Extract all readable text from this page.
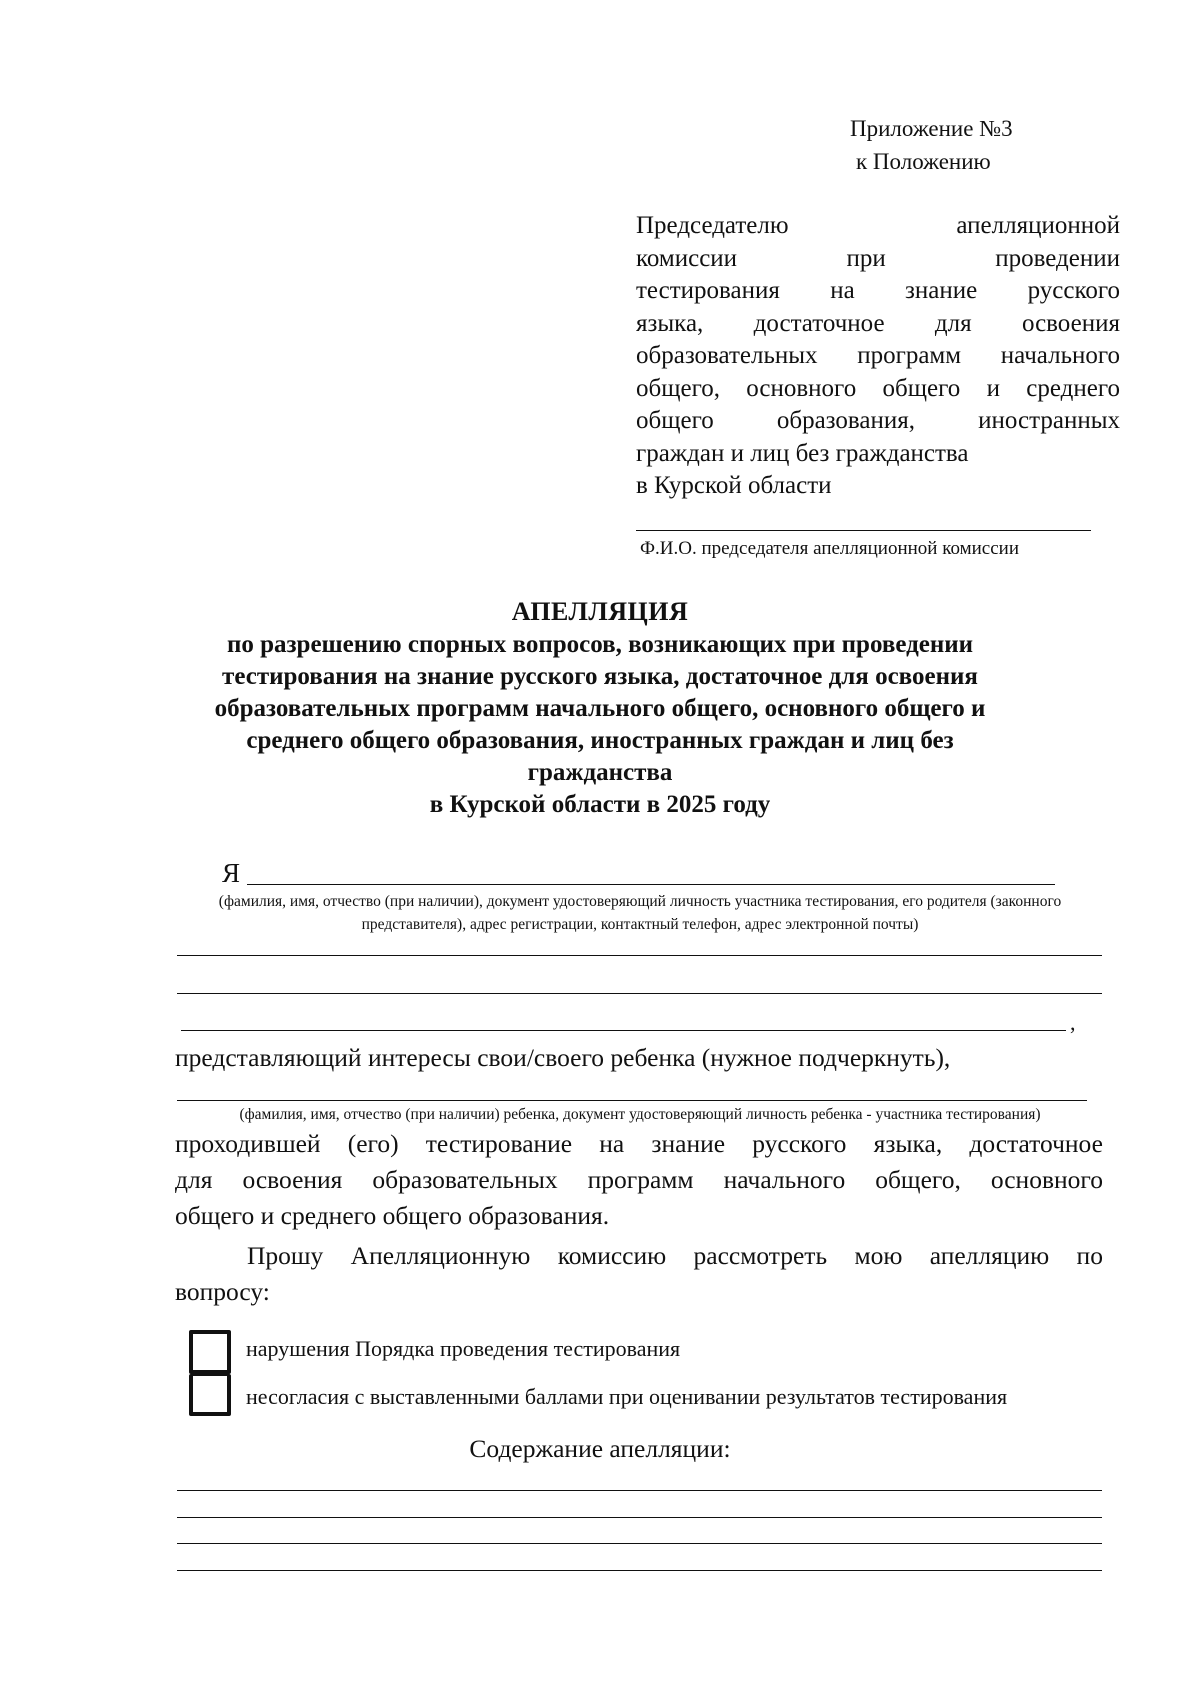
Приложение №3
к Положению
Председателю	апелляционной
комиссии	при	проведении
тестирования на знание русского
языка, достаточное для освоения
образовательных программ начального
общего, основного общего и среднего
общего	образования,	иностранных
граждан и лиц без гражданства
в Курской области
Ф.И.О. председателя апелляционной комиссии
АПЕЛЛЯЦИЯ
по разрешению спорных вопросов, возникающих при проведении
тестирования на знание русского языка, достаточное для освоения
образовательных программ начального общего, основного общего и
среднего общего образования, иностранных граждан и лиц без
гражданства
в Курской области в 2025 году
Я
(фамилия, имя, отчество (при наличии), документ удостоверяющий личность участника тестирования, его родителя (законного
представителя), адрес регистрации, контактный телефон, адрес электронной почты)
,
представляющий интересы свои/своего ребенка (нужное подчеркнуть),
(фамилия, имя, отчество (при наличии) ребенка, документ удостоверяющий личность ребенка - участника тестирования)
проходившей (его) тестирование на знание русского языка, достаточное
для освоения образовательных программ начального общего, основного
общего и среднего общего образования.
Прошу Апелляционную комиссию рассмотреть мою апелляцию по
вопросу:
нарушения Порядка проведения тестирования
несогласия с выставленными баллами при оценивании результатов тестирования
Содержание апелляции:
